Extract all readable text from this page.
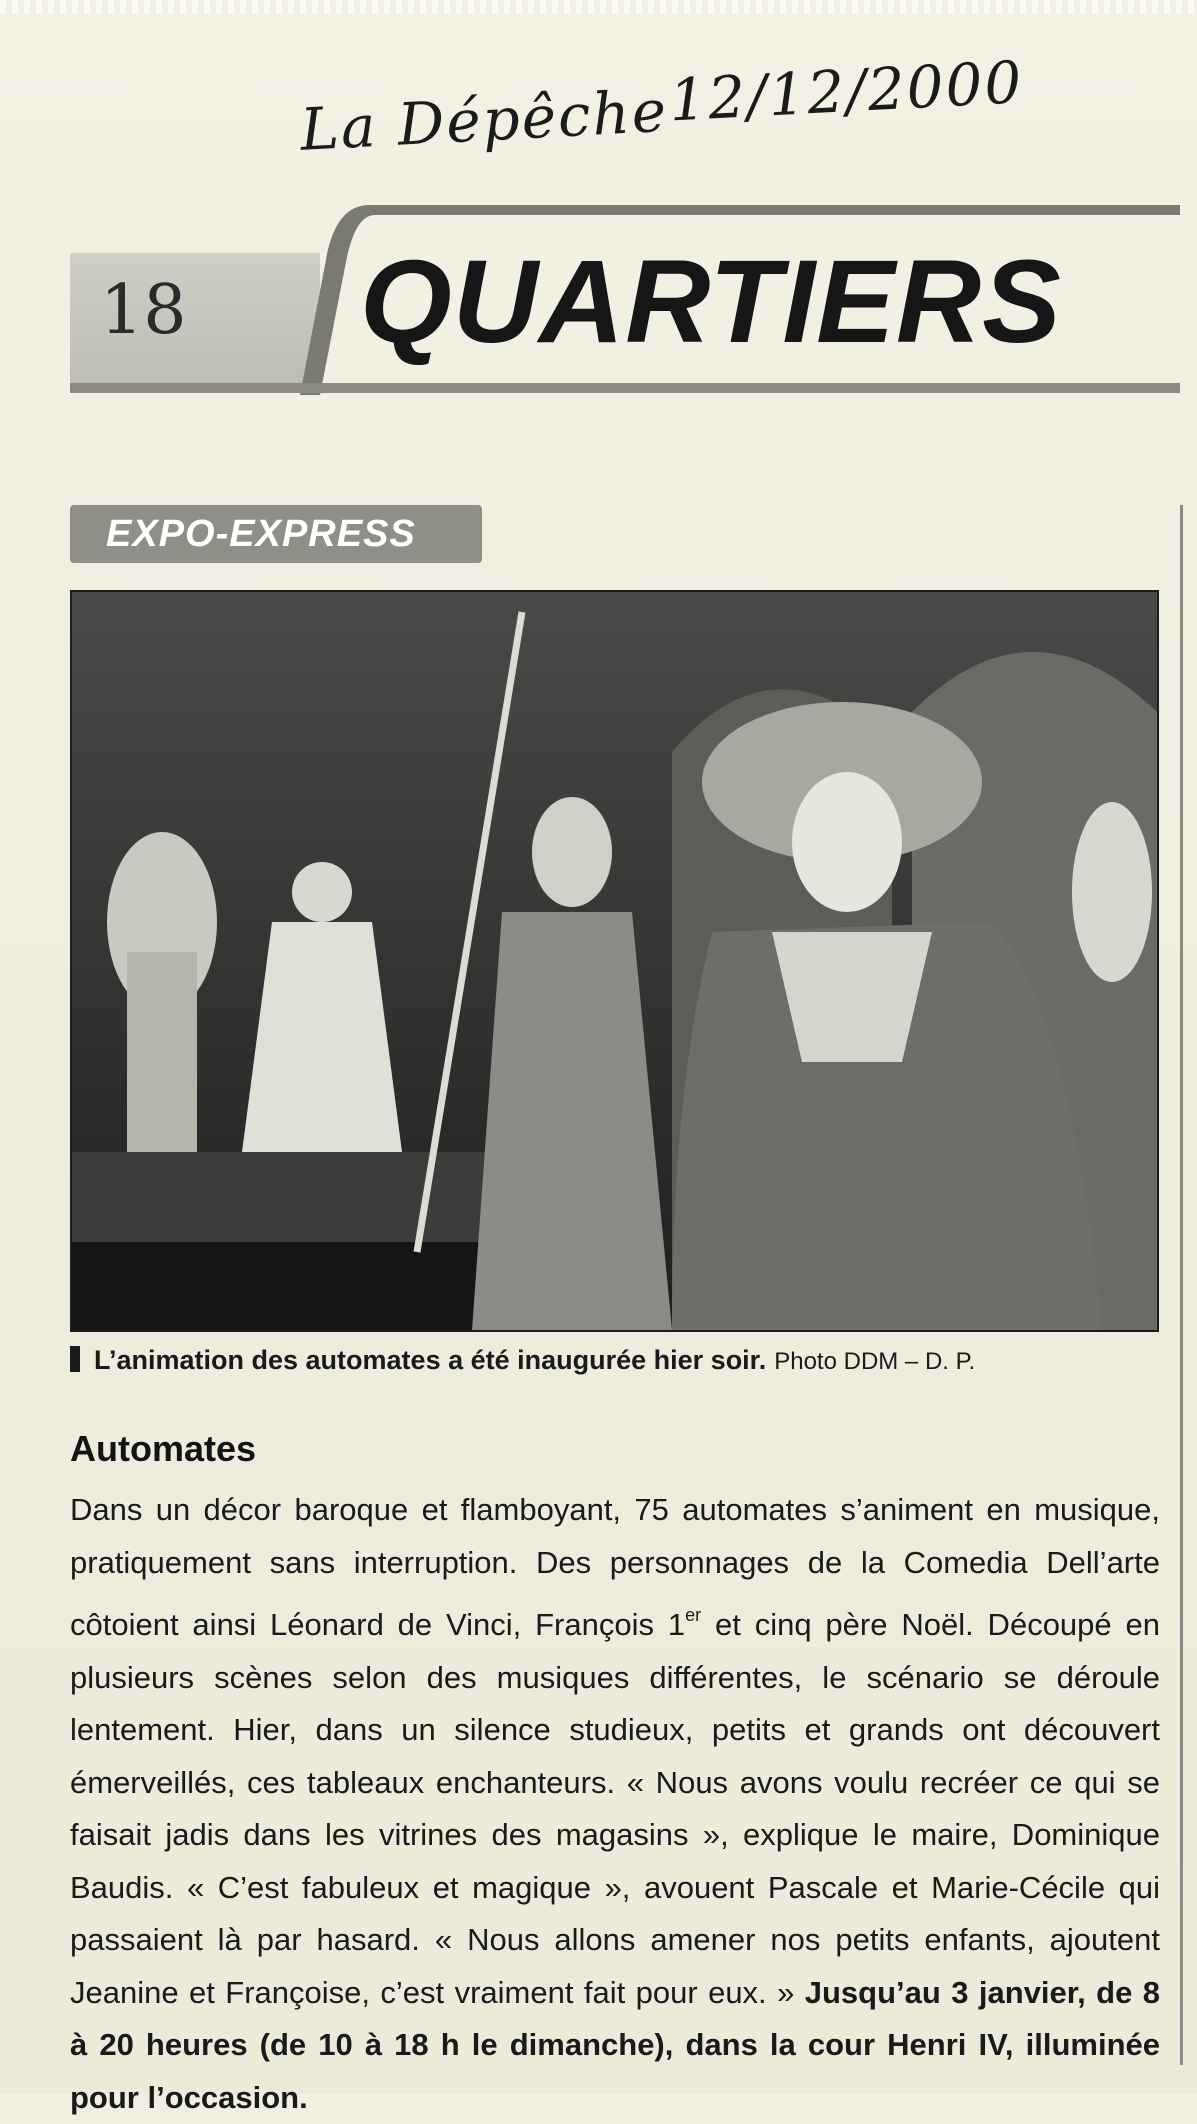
La Dépêche
12/12/2000
18 QUARTIERS
EXPO-EXPRESS
L’animation des automates a été inaugurée hier soir. Photo DDM – D. P.
Automates

Dans un décor baroque et flamboyant, 75 automates s’animent en musique, pratiquement sans interruption. Des personnages de la Comedia Dell’arte côtoient ainsi Léonard de Vinci, François 1er et cinq père Noël. Découpé en plusieurs scènes selon des musiques différentes, le scénario se déroule lentement. Hier, dans un silence studieux, petits et grands ont découvert émerveillés, ces tableaux enchanteurs. « Nous avons voulu recréer ce qui se faisait jadis dans les vitrines des magasins », explique le maire, Dominique Baudis. « C’est fabuleux et magique », avouent Pascale et Marie-Cécile qui passaient là par hasard. « Nous allons amener nos petits enfants, ajoutent Jeanine et Françoise, c’est vraiment fait pour eux. » Jusqu’au 3 janvier, de 8 à 20 heures (de 10 à 18 h le dimanche), dans la cour Henri IV, illuminée pour l’occasion.
